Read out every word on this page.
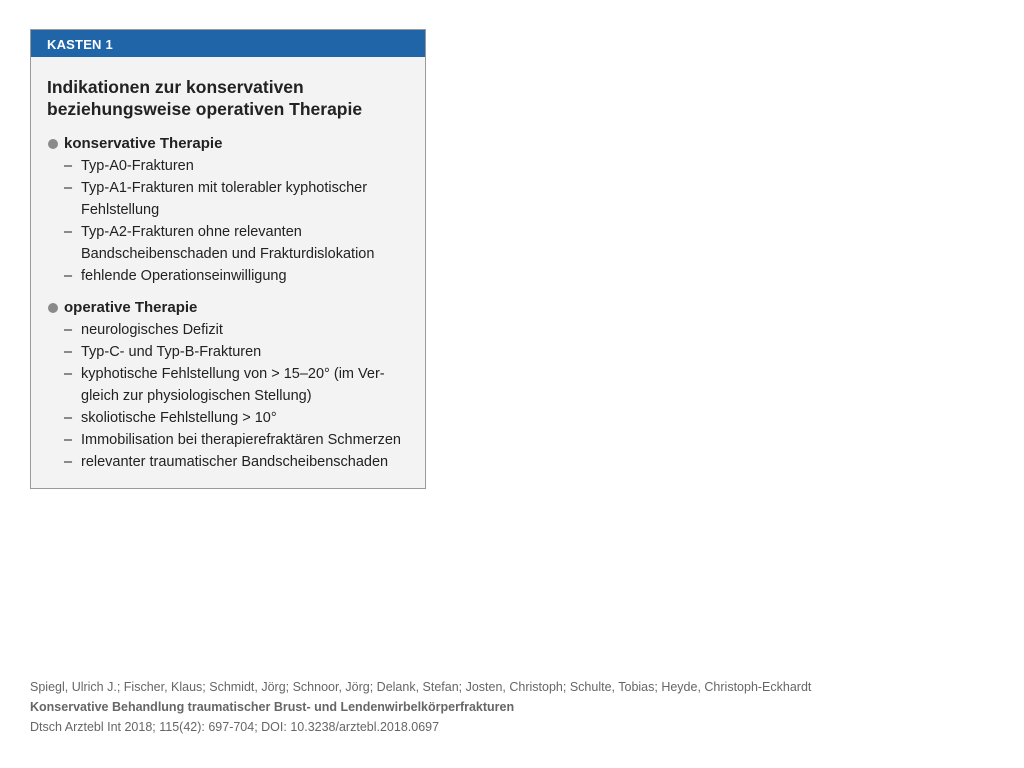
KASTEN 1
Indikationen zur konservativen
beziehungsweise operativen Therapie
konservative Therapie
– Typ-A0-Frakturen
– Typ-A1-Frakturen mit tolerabler kyphotischer
Fehlstellung
– Typ-A2-Frakturen ohne relevanten
Bandscheibenschaden und Frakturdislokation
– fehlende Operationseinwilligung
operative Therapie
– neurologisches Defizit
– Typ-C- und Typ-B-Frakturen
– kyphotische Fehlstellung von > 15–20° (im Ver-
gleich zur physiologischen Stellung)
– skoliotische Fehlstellung > 10°
– Immobilisation bei therapierefraktären Schmerzen
– relevanter traumatischer Bandscheibenschaden
Spiegl, Ulrich J.; Fischer, Klaus; Schmidt, Jörg; Schnoor, Jörg; Delank, Stefan; Josten, Christoph; Schulte, Tobias; Heyde, Christoph-Eckhardt
Konservative Behandlung traumatischer Brust- und Lendenwirbelkörperfrakturen
Dtsch Arztebl Int 2018; 115(42): 697-704; DOI: 10.3238/arztebl.2018.0697
